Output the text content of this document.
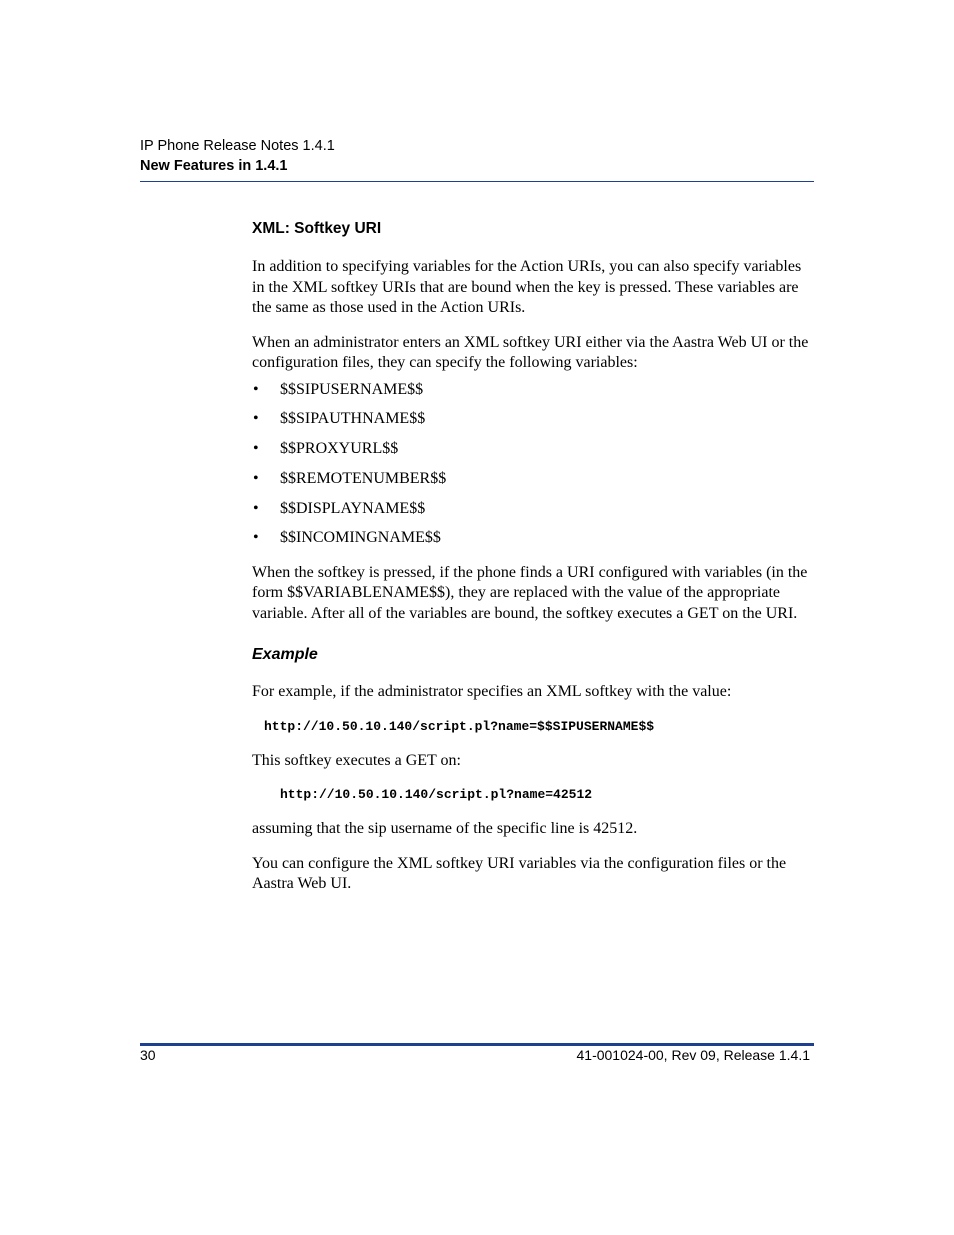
IP Phone Release Notes 1.4.1

New Features in 1.4.1

XML: Softkey URI

In addition to specifying variables for the Action URIs, you can also specify variables in the XML softkey URIs that are bound when the key is pressed. These variables are the same as those used in the Action URIs.

When an administrator enters an XML softkey URI either via the Aastra Web UI or the configuration files, they can specify the following variables:

• $$SIPUSERNAME$$
• $$SIPAUTHNAME$$
• $$PROXYURL$$
• $$REMOTENUMBER$$
• $$DISPLAYNAME$$
• $$INCOMINGNAME$$

When the softkey is pressed, if the phone finds a URI configured with variables (in the form $$VARIABLENAME$$), they are replaced with the value of the appropriate variable. After all of the variables are bound, the softkey executes a GET on the URI.

Example

For example, if the administrator specifies an XML softkey with the value:

http://10.50.10.140/script.pl?name=$$SIPUSERNAME$$

This softkey executes a GET on:

http://10.50.10.140/script.pl?name=42512

assuming that the sip username of the specific line is 42512.

You can configure the XML softkey URI variables via the configuration files or the Aastra Web UI.

30	41-001024-00, Rev 09, Release 1.4.1
